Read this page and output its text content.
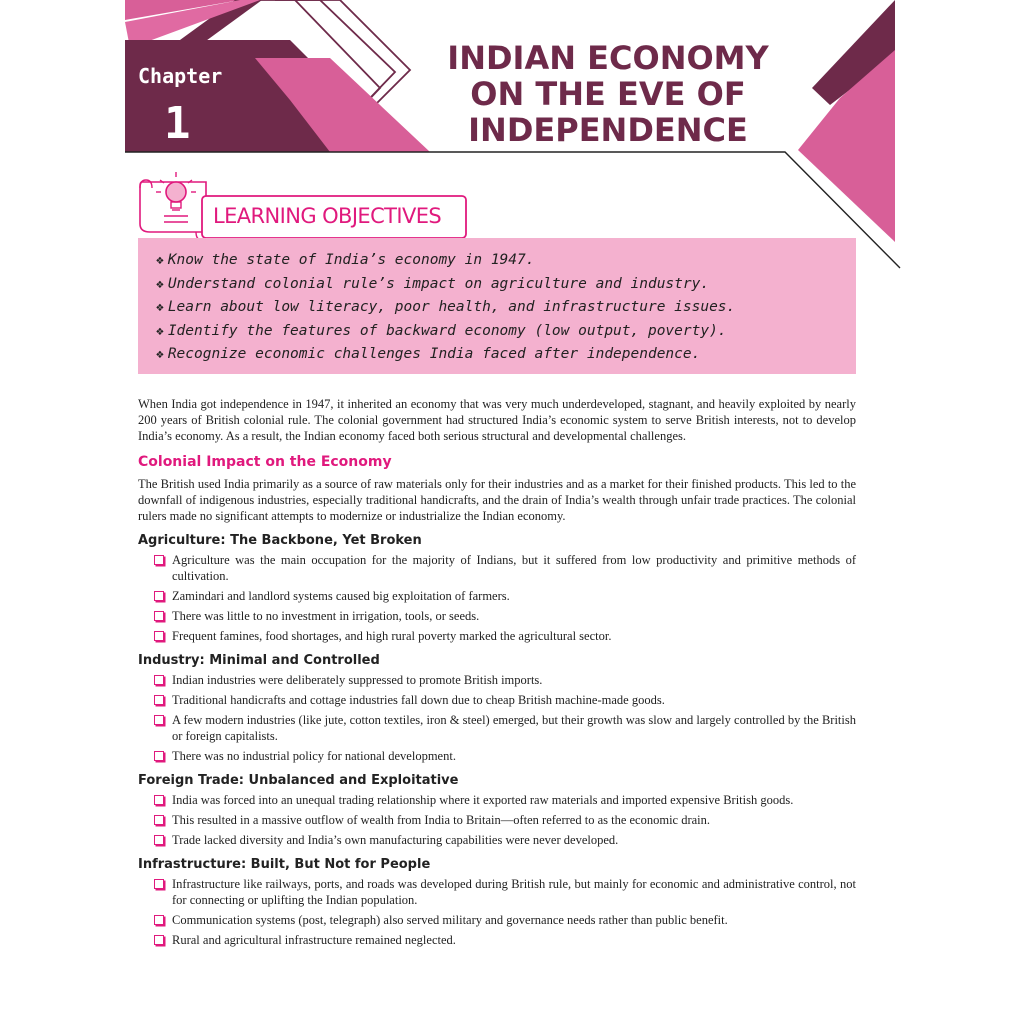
Chapter
1
INDIAN ECONOMY
ON THE EVE OF
INDEPENDENCE
LEARNING OBJECTIVES
❖ Know the state of India’s economy in 1947.
❖ Understand colonial rule’s impact on agriculture and industry.
❖ Learn about low literacy, poor health, and infrastructure issues.
❖ Identify the features of backward economy (low output, poverty).
❖ Recognize economic challenges India faced after independence.

When India got independence in 1947, it inherited an economy that was very much underdeveloped, stagnant, and heavily exploited by nearly 200 years of British colonial rule. The colonial government had structured India’s economic system to serve British interests, not to develop India’s economy. As a result, the Indian economy faced both serious structural and developmental challenges.

Colonial Impact on the Economy

The British used India primarily as a source of raw materials only for their industries and as a market for their finished products. This led to the downfall of indigenous industries, especially traditional handicrafts, and the drain of India’s wealth through unfair trade practices. The colonial rulers made no significant attempts to modernize or industrialize the Indian economy.

Agriculture: The Backbone, Yet Broken
Agriculture was the main occupation for the majority of Indians, but it suffered from low productivity and primitive methods of cultivation.
Zamindari and landlord systems caused big exploitation of farmers.
There was little to no investment in irrigation, tools, or seeds.
Frequent famines, food shortages, and high rural poverty marked the agricultural sector.
Industry: Minimal and Controlled
Indian industries were deliberately suppressed to promote British imports.
Traditional handicrafts and cottage industries fall down due to cheap British machine-made goods.
A few modern industries (like jute, cotton textiles, iron & steel) emerged, but their growth was slow and largely controlled by the British or foreign capitalists.
There was no industrial policy for national development.
Foreign Trade: Unbalanced and Exploitative
India was forced into an unequal trading relationship where it exported raw materials and imported expensive British goods.
This resulted in a massive outflow of wealth from India to Britain—often referred to as the economic drain.
Trade lacked diversity and India’s own manufacturing capabilities were never developed.
Infrastructure: Built, But Not for People
Infrastructure like railways, ports, and roads was developed during British rule, but mainly for economic and administrative control, not for connecting or uplifting the Indian population.
Communication systems (post, telegraph) also served military and governance needs rather than public benefit.
Rural and agricultural infrastructure remained neglected.
